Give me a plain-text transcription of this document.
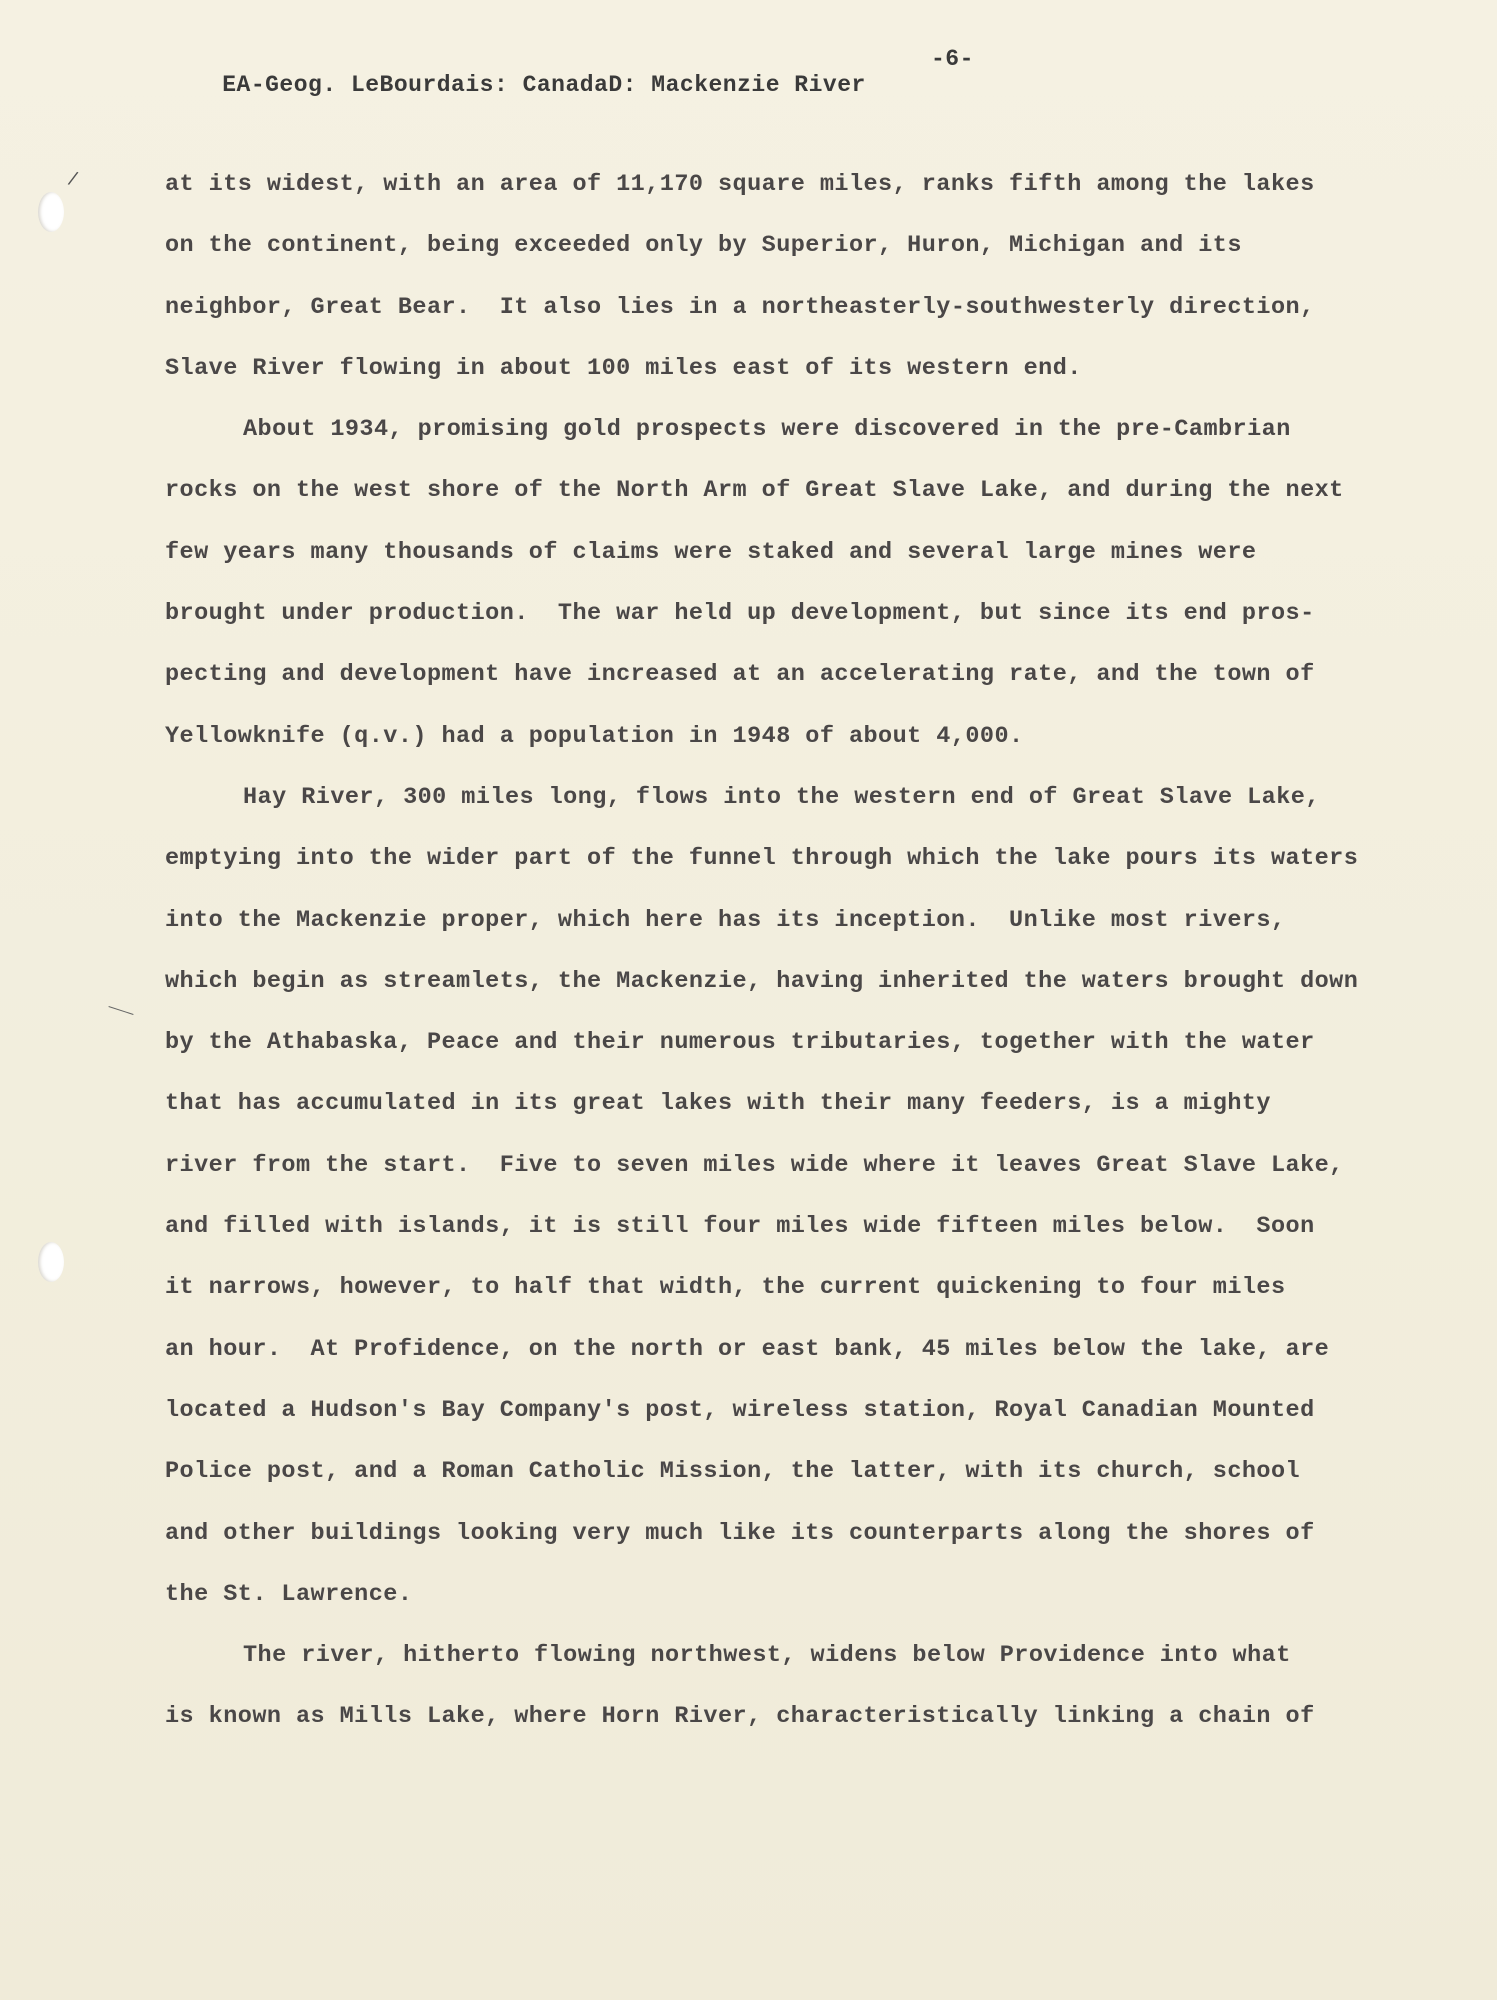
/

EA-Geog. LeBourdais: CanadaD: Mackenzie River

-6-

at its widest, with an area of 11,170 square miles, ranks fifth among the lakes
on the continent, being exceeded only by Superior, Huron, Michigan and its
neighbor, Great Bear.  It also lies in a northeasterly-southwesterly direction,
Slave River flowing in about 100 miles east of its western end.
About 1934, promising gold prospects were discovered in the pre-Cambrian
rocks on the west shore of the North Arm of Great Slave Lake, and during the next
few years many thousands of claims were staked and several large mines were
brought under production.  The war held up development, but since its end pros-
pecting and development have increased at an accelerating rate, and the town of
Yellowknife (q.v.) had a population in 1948 of about 4,000.
Hay River, 300 miles long, flows into the western end of Great Slave Lake,
emptying into the wider part of the funnel through which the lake pours its waters
into the Mackenzie proper, which here has its inception.  Unlike most rivers,
which begin as streamlets, the Mackenzie, having inherited the waters brought down
by the Athabaska, Peace and their numerous tributaries, together with the water
that has accumulated in its great lakes with their many feeders, is a mighty
river from the start.  Five to seven miles wide where it leaves Great Slave Lake,
and filled with islands, it is still four miles wide fifteen miles below.  Soon
it narrows, however, to half that width, the current quickening to four miles
an hour.  At Profidence, on the north or east bank, 45 miles below the lake, are
located a Hudson's Bay Company's post, wireless station, Royal Canadian Mounted
Police post, and a Roman Catholic Mission, the latter, with its church, school
and other buildings looking very much like its counterparts along the shores of
the St. Lawrence.
The river, hitherto flowing northwest, widens below Providence into what
is known as Mills Lake, where Horn River, characteristically linking a chain of
